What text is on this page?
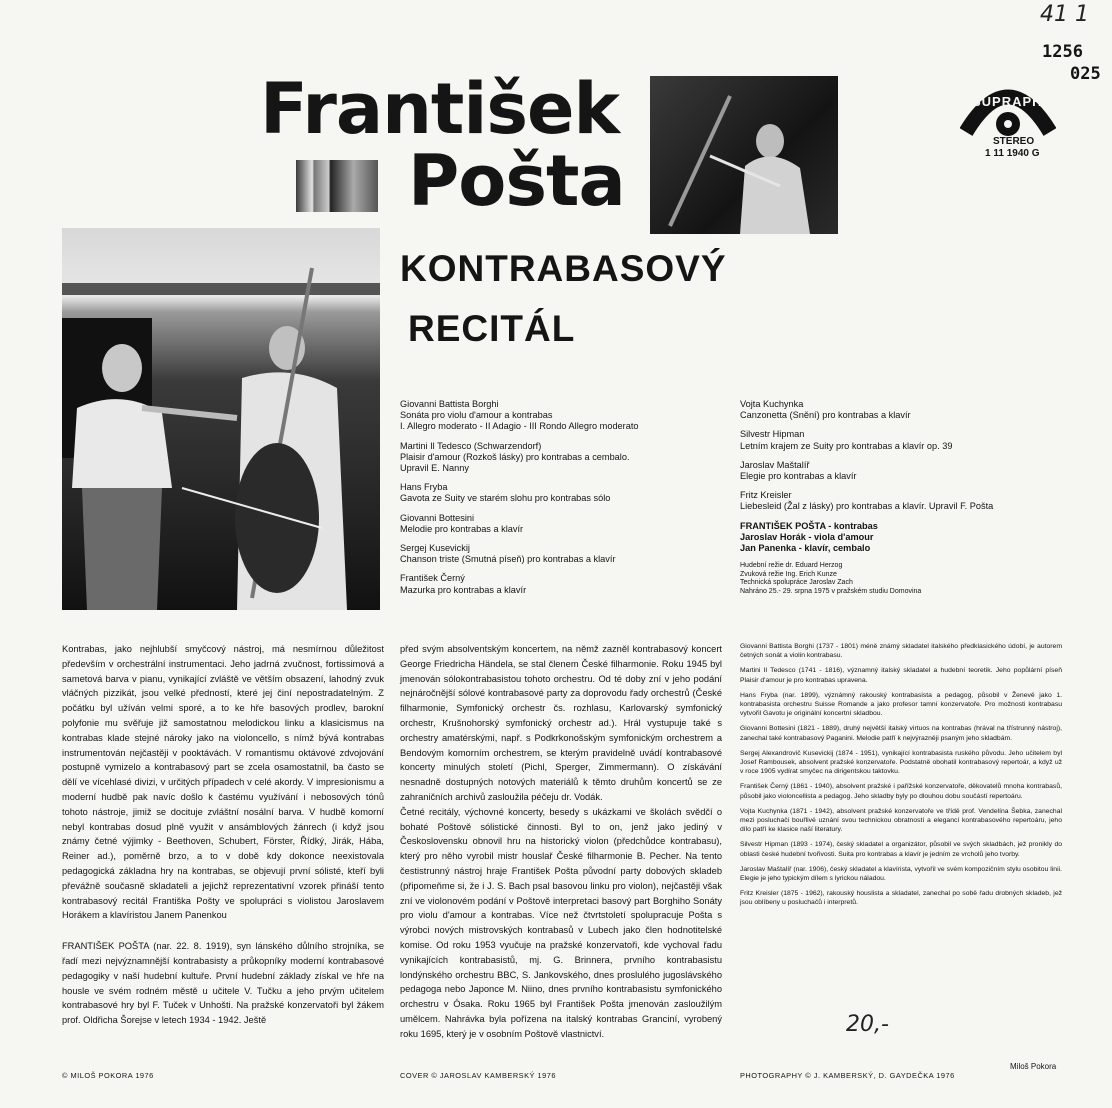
41 1
1256
025
SUPRAPHON
STEREO
1 11 1940 G
František
Pošta
KONTRABASOVÝ
RECITÁL
Giovanni Battista Borghi
Sonáta pro violu d'amour a kontrabas
I. Allegro moderato - II Adagio - III Rondo Allegro moderato
Martini Il Tedesco (Schwarzendorf)
Plaisir d'amour (Rozkoš lásky) pro kontrabas a cembalo.
Upravil E. Nanny
Hans Fryba
Gavota ze Suity ve starém slohu pro kontrabas sólo
Giovanni Bottesini
Melodie pro kontrabas a klavír
Sergej Kusevickij
Chanson triste (Smutná píseň) pro kontrabas a klavír
František Černý
Mazurka pro kontrabas a klavír
Vojta Kuchynka
Canzonetta (Snění) pro kontrabas a klavír
Silvestr Hipman
Letním krajem ze Suity pro kontrabas a klavír op. 39
Jaroslav Maštalíř
Elegie pro kontrabas a klavír
Fritz Kreisler
Liebesleid (Žal z lásky) pro kontrabas a klavír. Upravil F. Pošta
FRANTIŠEK POŠTA - kontrabas
Jaroslav Horák - viola d'amour
Jan Panenka - klavír, cembalo
Hudební režie dr. Eduard Herzog
Zvuková režie Ing. Erich Kunze
Technická spolupráce Jaroslav Zach
Nahráno 25.- 29. srpna 1975 v pražském studiu Domovina

Kontrabas, jako nejhlubší smyčcový nástroj, má nesmírnou důležitost především v orchestrální instrumentaci. Jeho jadrná zvučnost, fortissimová a sametová barva v pianu, vynikající zvláště ve větším obsazení, lahodný zvuk vláčných pizzikát, jsou velké předností, které jej činí nepostradatelným. Z počátku byl užíván velmi sporé, a to ke hře basových prodlev, barokní polyfonie mu svěřuje již samostatnou melodickou linku a klasicismus na kontrabas klade stejné nároky jako na violoncello, s nímž bývá kontrabas instrumentován nejčastěji v pooktávách. V romantismu oktávové zdvojování postupně vymizelo a kontrabasový part se zcela osamostatnil, ba často se dělí ve vícehlasé divizi, v určitých případech v celé akordy. V impresionismu a moderní hudbě pak navíc došlo k častému využívání i nebosových tónů tohoto nástroje, jimiž se docituje zvláštní nosální barva. V hudbě komorní nebyl kontrabas dosud plně využit v ansámblových žánrech (i když jsou známy četné výjimky - Beethoven, Schubert, Förster, Řídký, Jirák, Hába, Reiner ad.), poměrně brzo, a to v době kdy dokonce neexistovala pedagogická základna hry na kontrabas, se objevují první sólisté, kteří byli převážně současně skladateli a jejichž reprezentativní vzorek přináší tento kontrabasový recitál Františka Pošty ve spolupráci s violistou Jaroslavem Horákem a klavíristou Janem Panenkou

FRANTIŠEK POŠTA (nar. 22. 8. 1919), syn lánského důlního strojníka, se řadí mezi nejvýznamnější kontrabasisty a průkopníky moderní kontrabasové pedagogiky v naší hudební kultuře. První hudební základy získal ve hře na housle ve svém rodném městě u učitele V. Tučku a jeho prvým učitelem kontrabasové hry byl F. Tuček v Unhošti. Na pražské konzervatoři byl žákem prof. Oldřicha Šorejse v letech 1934 - 1942. Ještě

před svým absolventským koncertem, na němž zazněl kontrabasový koncert George Friedricha Händela, se stal členem České filharmonie. Roku 1945 byl jmenován sólokontrabasistou tohoto orchestru. Od té doby zní v jeho podání nejnáročnější sólové kontrabasové party za doprovodu řady orchestrů (České filharmonie, Symfonický orchestr čs. rozhlasu, Karlovarský symfonický orchestr, Krušnohorský symfonický orchestr ad.). Hrál vystupuje také s orchestry amatérskými, např. s Podkrkonošským symfonickým orchestrem a Bendovým komorním orchestrem, se kterým pravidelně uvádí kontrabasové koncerty minulých století (Pichl, Sperger, Zimmermann). O získávání nesnadně dostupných notových materiálů k těmto druhům koncertů se ze zahraničních archivů zasloužila péčeju dr. Vodák.

Četné recitály, výchovné koncerty, besedy s ukázkami ve školách svědčí o bohaté Poštově sólistické činnosti. Byl to on, jenž jako jediný v Československu obnovil hru na historický violon (předchůdce kontrabasu), který pro něho vyrobil mistr houslař České filharmonie B. Pecher. Na tento čestistrunný nástroj hraje František Pošta původní party dobových skladeb (připomeňme si, že i J. S. Bach psal basovou linku pro violon), nejčastěji však zní ve violonovém podání v Poštově interpretaci basový part Borghiho Sonáty pro violu d'amour a kontrabas. Více než čtvrtstoletí spolupracuje Pošta s výrobci nových mistrovských kontrabasů v Lubech jako člen hodnotitelské komise. Od roku 1953 vyučuje na pražské konzervatoři, kde vychoval řadu vynikajících kontrabasistů, mj. G. Brinnera, prvního kontrabasistu londýnského orchestru BBC, S. Jankovského, dnes proslulého jugoslávského pedagoga nebo Japonce M. Niino, dnes prvního kontrabasistu symfonického orchestru v Ósaka. Roku 1965 byl František Pošta jmenován zasloužilým umělcem. Nahrávka byla pořízena na italský kontrabas Granciní, vyrobený roku 1695, který je v osobním Poštově vlastnictví.

Giovanni Battista Borghi (1737 - 1801) méně známý skladatel italského předklasického údobí, je autorem četných sonát a violin kontrabasu.

Martini Il Tedesco (1741 - 1816), významný italský skladatel a hudební teoretik. Jeho popůlární píseň Plaisir d'amour je pro kontrabas upravena.

Hans Fryba (nar. 1899), význámný rakouský kontrabasista a pedagog, působil v Ženevě jako 1. kontrabasista orchestru Suisse Romande a jako profesor tamní konzervatoře. Pro možnosti kontrabasu vytvořil Gavotu je originální koncertní skladbou.

Giovanni Bottesini (1821 - 1889), druhý největší italský virtuos na kontrabas (hrával na třístrunný nástroj), zanechal také kontrabasový Paganini. Melodie patří k nejvýrazněji psaným jeho skladbám.

Sergej Alexandrovič Kusevickij (1874 - 1951), vynikající kontrabasista ruského původu. Jeho učitelem byl Josef Rambousek, absolvent pražské konzervatoře. Podstatně obohatil kontrabasový repertoár, a když už v roce 1905 vydírat smyčec na dirigentskou taktovku.

František Černý (1861 - 1940), absolvent pražské i pařížské konzervatoře, děkovatelů mnoha kontrabasů, působil jako violoncellista a pedagog. Jeho skladby byly po dlouhou dobu součástí repertoáru.

Vojta Kuchynka (1871 - 1942), absolvent pražské konzervatoře ve třídě prof. Vendelína Šebka, zanechal mezi posluchači bouřlivé uznání svou technickou obratností a elegancí kontrabasového repertoáru, jeho dílo patří ke klasice naší literatury.

Silvestr Hipman (1893 - 1974), český skladatel a organizátor, působil ve svých skladbách, jež pronikly do oblasti české hudební tvořivosti. Suita pro kontrabas a klavír je jedním ze vrcholů jeho tvorby.

Jaroslav Maštalíř (nar. 1906), český skladatel a klavírista, vytvořil ve svém kompozičním stylu osobitou linii. Elegie je jeho typickým dílem s lyrickou náladou.

Fritz Kreisler (1875 - 1962), rakouský houslista a skladatel, zanechal po sobě řadu drobných skladeb, jež jsou oblíbeny u posluchačů i interpretů.

Miloš Pokora
20,-
© MILOŠ POKORA 1976	COVER © JAROSLAV KAMBERSKÝ 1976	PHOTOGRAPHY © J. KAMBERSKÝ, D. GAYDEČKA 1976
